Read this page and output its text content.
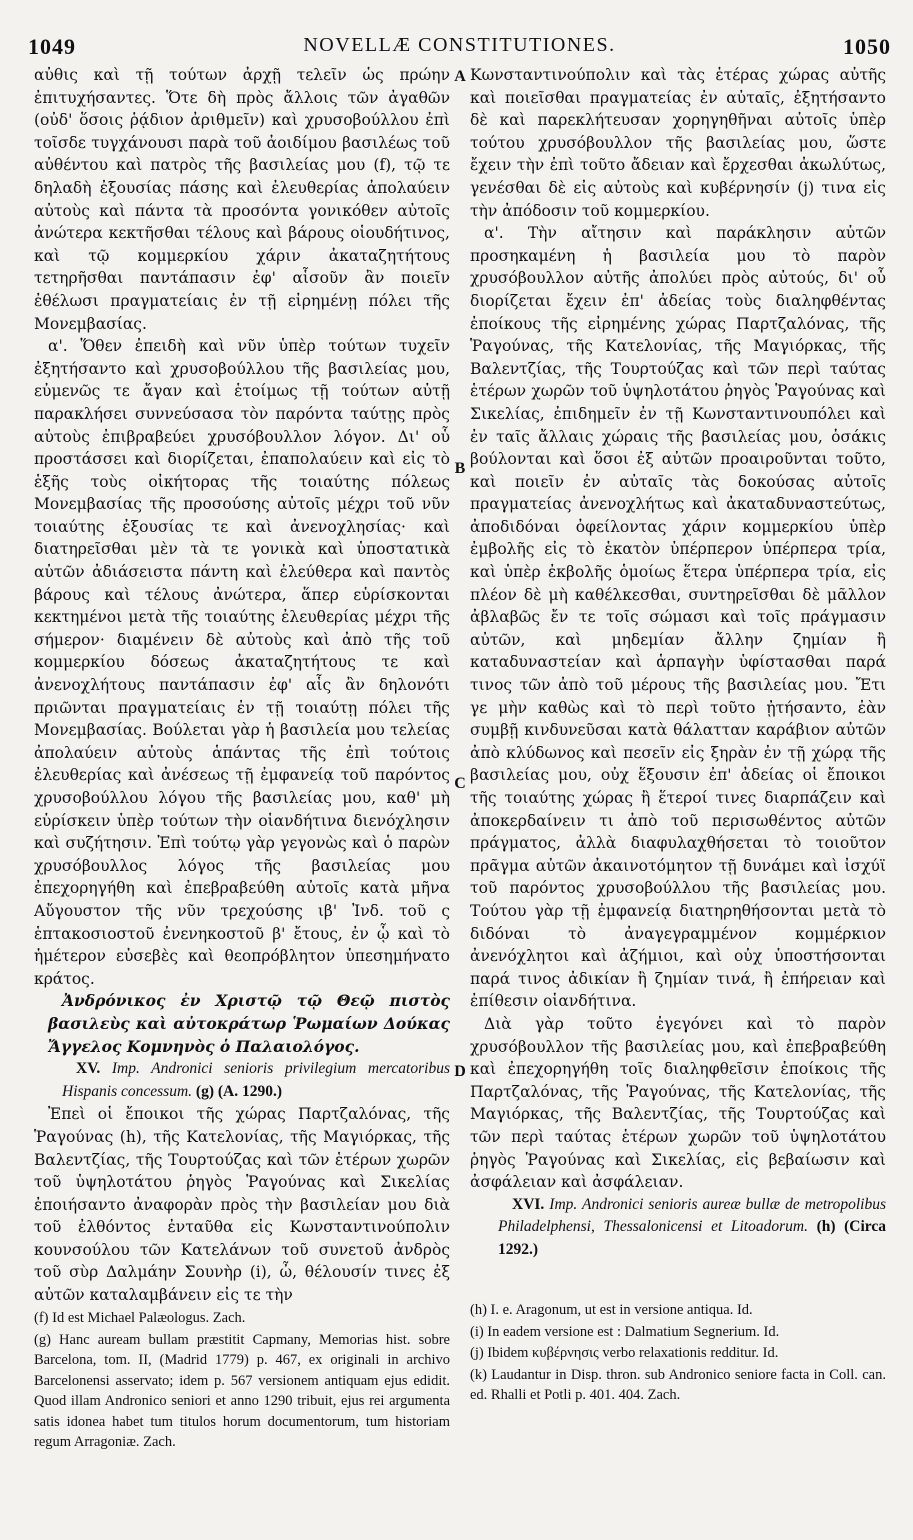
1049	NOVELLÆ CONSTITUTIONES.	1050
A
B
C
D

αὐθις καὶ τῇ τούτων ἀρχῇ τελεῖν ὡς πρώην ἐπιτυχήσαντες. Ὅτε δὴ πρὸς ἄλλοις τῶν ἀγαθῶν (οὐδ' ὅσοις ῥᾴδιον ἀριθμεῖν) καὶ χρυσοβούλλου ἐπὶ τοῖσδε τυγχάνουσι παρὰ τοῦ ἀοιδίμου βασιλέως τοῦ αὐθέντου καὶ πατρὸς τῆς βασιλείας μου (f), τῷ τε δηλαδὴ ἐξουσίας πάσης καὶ ἐλευθερίας ἀπολαύειν αὐτοὺς καὶ πάντα τὰ προσόντα γονικόθεν αὐτοῖς ἀνώτερα κεκτῆσθαι τέλους καὶ βάρους οἱουδήτινος, καὶ τῷ κομμερκίου χάριν ἀκαταζητήτους τετηρῆσθαι παντάπασιν ἐφ' αἷσοῦν ἂν ποιεῖν ἐθέλωσι πραγματείαις ἐν τῇ εἰρημένῃ πόλει τῆς Μονεμβασίας.

α'. Ὅθεν ἐπειδὴ καὶ νῦν ὑπὲρ τούτων τυχεῖν ἐξητήσαντο καὶ χρυσοβούλλου τῆς βασιλείας μου, εὐμενῶς τε ἄγαν καὶ ἑτοίμως τῇ τούτων αὐτῇ παρακλήσει συννεύσασα τὸν παρόντα ταύτῃς πρὸς αὐτοὺς ἐπιβραβεύει χρυσόβουλλον λόγον. Δι' οὗ προστάσσει καὶ διορίζεται, ἐπαπολαύειν καὶ εἰς τὸ ἑξῆς τοὺς οἰκήτορας τῆς τοιαύτης πόλεως Μονεμβασίας τῆς προσούσης αὐτοῖς μέχρι τοῦ νῦν τοιαύτης ἐξουσίας τε καὶ ἀνενοχλησίας· καὶ διατηρεῖσθαι μὲν τὰ τε γονικὰ καὶ ὑποστατικὰ αὐτῶν ἀδιάσειστα πάντη καὶ ἐλεύθερα καὶ παντὸς βάρους καὶ τέλους ἀνώτερα, ἅπερ εὑρίσκονται κεκτημένοι μετὰ τῆς τοιαύτης ἐλευθερίας μέχρι τῆς σήμερον· διαμένειν δὲ αὐτοὺς καὶ ἀπὸ τῆς τοῦ κομμερκίου δόσεως ἀκαταζητήτους τε καὶ ἀνενοχλήτους παντάπασιν ἐφ' αἷς ἂν δηλονότι πριῶνται πραγματείαις ἐν τῇ τοιαύτῃ πόλει τῆς Μονεμβασίας. Βούλεται γὰρ ἡ βασιλεία μου τελείας ἀπολαύειν αὐτοὺς ἁπάντας τῆς ἐπὶ τούτοις ἐλευθερίας καὶ ἀνέσεως τῇ ἐμφανείᾳ τοῦ παρόντος χρυσοβούλλου λόγου τῆς βασιλείας μου, καθ' μὴ εὑρίσκειν ὑπὲρ τούτων τὴν οἱανδήτινα διενόχλησιν καὶ συζήτησιν. Ἐπὶ τούτῳ γὰρ γεγονὼς καὶ ὁ παρὼν χρυσόβουλλος λόγος τῆς βασιλείας μου ἐπεχορηγήθη καὶ ἐπεβραβεύθη αὐτοῖς κατὰ μῆνα Αὔγουστον τῆς νῦν τρεχούσης ιβ' Ἰνδ. τοῦ ς ἑπτακοσιοστοῦ ἐνενηκοστοῦ β' ἔτους, ἐν ᾧ καὶ τὸ ἡμέτερον εὐσεβὲς καὶ θεοπρόβλητον ὑπεσημήνατο κράτος.

Ἀνδρόνικος ἐν Χριστῷ τῷ Θεῷ πιστὸς βασιλεὺς καὶ αὐτοκράτωρ Ῥωμαίων Δούκας Ἄγγελος Κομνηνὸς ὁ Παλαιολόγος.

XV. Imp. Andronici senioris privilegium mercatoribus Hispanis concessum. (g) (A. 1290.)

Ἐπεὶ οἱ ἔποικοι τῆς χώρας Παρτζαλόνας, τῆς Ῥαγούνας (h), τῆς Κατελονίας, τῆς Μαγιόρκας, τῆς Βαλεντζίας, τῆς Τουρτούζας καὶ τῶν ἑτέρων χωρῶν τοῦ ὑψηλοτάτου ῥηγὸς Ῥαγούνας καὶ Σικελίας ἐποιήσαντο ἀναφορὰν πρὸς τὴν βασιλείαν μου διὰ τοῦ ἐλθόντος ἐνταῦθα εἰς Κωνσταντινούπολιν κουνσούλου τῶν Κατελάνων τοῦ συνετοῦ ἀνδρὸς τοῦ σὺρ Δαλμάην Σουνὴρ (i), ὦ, θέλουσίν τινες ἐξ αὐτῶν καταλαμβάνειν εἰς τε τὴν

(f) Id est Michael Palæologus. Zach.

(g) Hanc auream bullam præstitit Capmany, Memorias hist. sobre Barcelona, tom. II, (Madrid 1779) p. 467, ex originali in archivo Barcelonensi asservato; idem p. 567 versionem antiquam ejus edidit. Quod illam Andronico seniori et anno 1290 tribuit, ejus rei argumenta satis idonea habet tum titulos horum documentorum, tum historiam regum Arragoniæ. Zach.

Κωνσταντινούπολιν καὶ τὰς ἑτέρας χώρας αὐτῆς καὶ ποιεῖσθαι πραγματείας ἐν αὐταῖς, ἐξητήσαντο δὲ καὶ παρεκλήτευσαν χορηγηθῆναι αὐτοῖς ὑπὲρ τούτου χρυσόβουλλον τῆς βασιλείας μου, ὥστε ἔχειν τὴν ἐπὶ τοῦτο ἄδειαν καὶ ἔρχεσθαι ἀκωλύτως, γενέσθαι δὲ εἰς αὐτοὺς καὶ κυβέρνησίν (j) τινα εἰς τὴν ἀπόδοσιν τοῦ κομμερκίου.

α'. Τὴν αἴτησιν καὶ παράκλησιν αὐτῶν προσηκαμένη ἡ βασιλεία μου τὸ παρὸν χρυσόβουλλον αὐτῆς ἀπολύει πρὸς αὐτούς, δι' οὗ διορίζεται ἔχειν ἐπ' ἀδείας τοὺς διαληφθέντας ἐποίκους τῆς εἰρημένης χώρας Παρτζαλόνας, τῆς Ῥαγούνας, τῆς Κατελονίας, τῆς Μαγιόρκας, τῆς Βαλεντζίας, τῆς Τουρτούζας καὶ τῶν περὶ ταύτας ἑτέρων χωρῶν τοῦ ὑψηλοτάτου ῥηγὸς Ῥαγούνας καὶ Σικελίας, ἐπιδημεῖν ἐν τῇ Κωνσταντινουπόλει καὶ ἐν ταῖς ἄλλαις χώραις τῆς βασιλείας μου, ὁσάκις βούλονται καὶ ὅσοι ἐξ αὐτῶν προαιροῦνται τοῦτο, καὶ ποιεῖν ἐν αὐταῖς τὰς δοκούσας αὐτοῖς πραγματείας ἀνενοχλήτως καὶ ἀκαταδυναστεύτως, ἀποδιδόναι ὀφείλοντας χάριν κομμερκίου ὑπὲρ ἐμβολῆς εἰς τὸ ἑκατὸν ὑπέρπερον ὑπέρπερα τρία, καὶ ὑπὲρ ἐκβολῆς ὁμοίως ἕτερα ὑπέρπερα τρία, εἰς πλέον δὲ μὴ καθέλκεσθαι, συντηρεῖσθαι δὲ μᾶλλον ἀβλαβῶς ἔν τε τοῖς σώμασι καὶ τοῖς πράγμασιν αὐτῶν, καὶ μηδεμίαν ἄλλην ζημίαν ἢ καταδυναστείαν καὶ ἁρπαγὴν ὑφίστασθαι παρά τινος τῶν ἀπὸ τοῦ μέρους τῆς βασιλείας μου. Ἔτι γε μὴν καθὼς καὶ τὸ περὶ τοῦτο ᾐτήσαντο, ἐὰν συμβῇ κινδυνεῦσαι κατὰ θάλατταν καράβιον αὐτῶν ἀπὸ κλύδωνος καὶ πεσεῖν εἰς ξηρὰν ἐν τῇ χώρᾳ τῆς βασιλείας μου, οὐχ ἕξουσιν ἐπ' ἀδείας οἱ ἔποικοι τῆς τοιαύτης χώρας ἢ ἕτεροί τινες διαρπάζειν καὶ ἀποκερδαίνειν τι ἀπὸ τοῦ περισωθέντος αὐτῶν πράγματος, ἀλλὰ διαφυλαχθήσεται τὸ τοιοῦτον πρᾶγμα αὐτῶν ἀκαινοτόμητον τῇ δυνάμει καὶ ἰσχύϊ τοῦ παρόντος χρυσοβούλλου τῆς βασιλείας μου. Τούτου γὰρ τῇ ἐμφανείᾳ διατηρηθήσονται μετὰ τὸ διδόναι τὸ ἀναγεγραμμένον κομμέρκιον ἀνενόχλητοι καὶ ἀζήμιοι, καὶ οὐχ ὑποστήσονται παρά τινος ἀδικίαν ἢ ζημίαν τινά, ἢ ἐπήρειαν καὶ ἐπίθεσιν οἱανδήτινα.

Διὰ γὰρ τοῦτο ἐγεγόνει καὶ τὸ παρὸν χρυσόβουλλον τῆς βασιλείας μου, καὶ ἐπεβραβεύθη καὶ ἐπεχορηγήθη τοῖς διαληφθεῖσιν ἐποίκοις τῆς Παρτζαλόνας, τῆς Ῥαγούνας, τῆς Κατελονίας, τῆς Μαγιόρκας, τῆς Βαλεντζίας, τῆς Τουρτούζας καὶ τῶν περὶ ταύτας ἑτέρων χωρῶν τοῦ ὑψηλοτάτου ῥηγὸς Ῥαγούνας καὶ Σικελίας, εἰς βεβαίωσιν καὶ ἀσφάλειαν καὶ ἀσφάλειαν.

XVI. Imp. Andronici senioris aureæ bullæ de metropolibus Philadelphensi, Thessalonicensi et Litoadorum. (h) (Circa 1292.)

(h) I. e. Aragonum, ut est in versione antiqua. Id.

(i) In eadem versione est : Dalmatium Segnerium. Id.

(j) Ibidem κυβέρνησις verbo relaxationis redditur. Id.

(k) Laudantur in Disp. thron. sub Andronico seniore facta in Coll. can. ed. Rhalli et Potli p. 401. 404. Zach.
